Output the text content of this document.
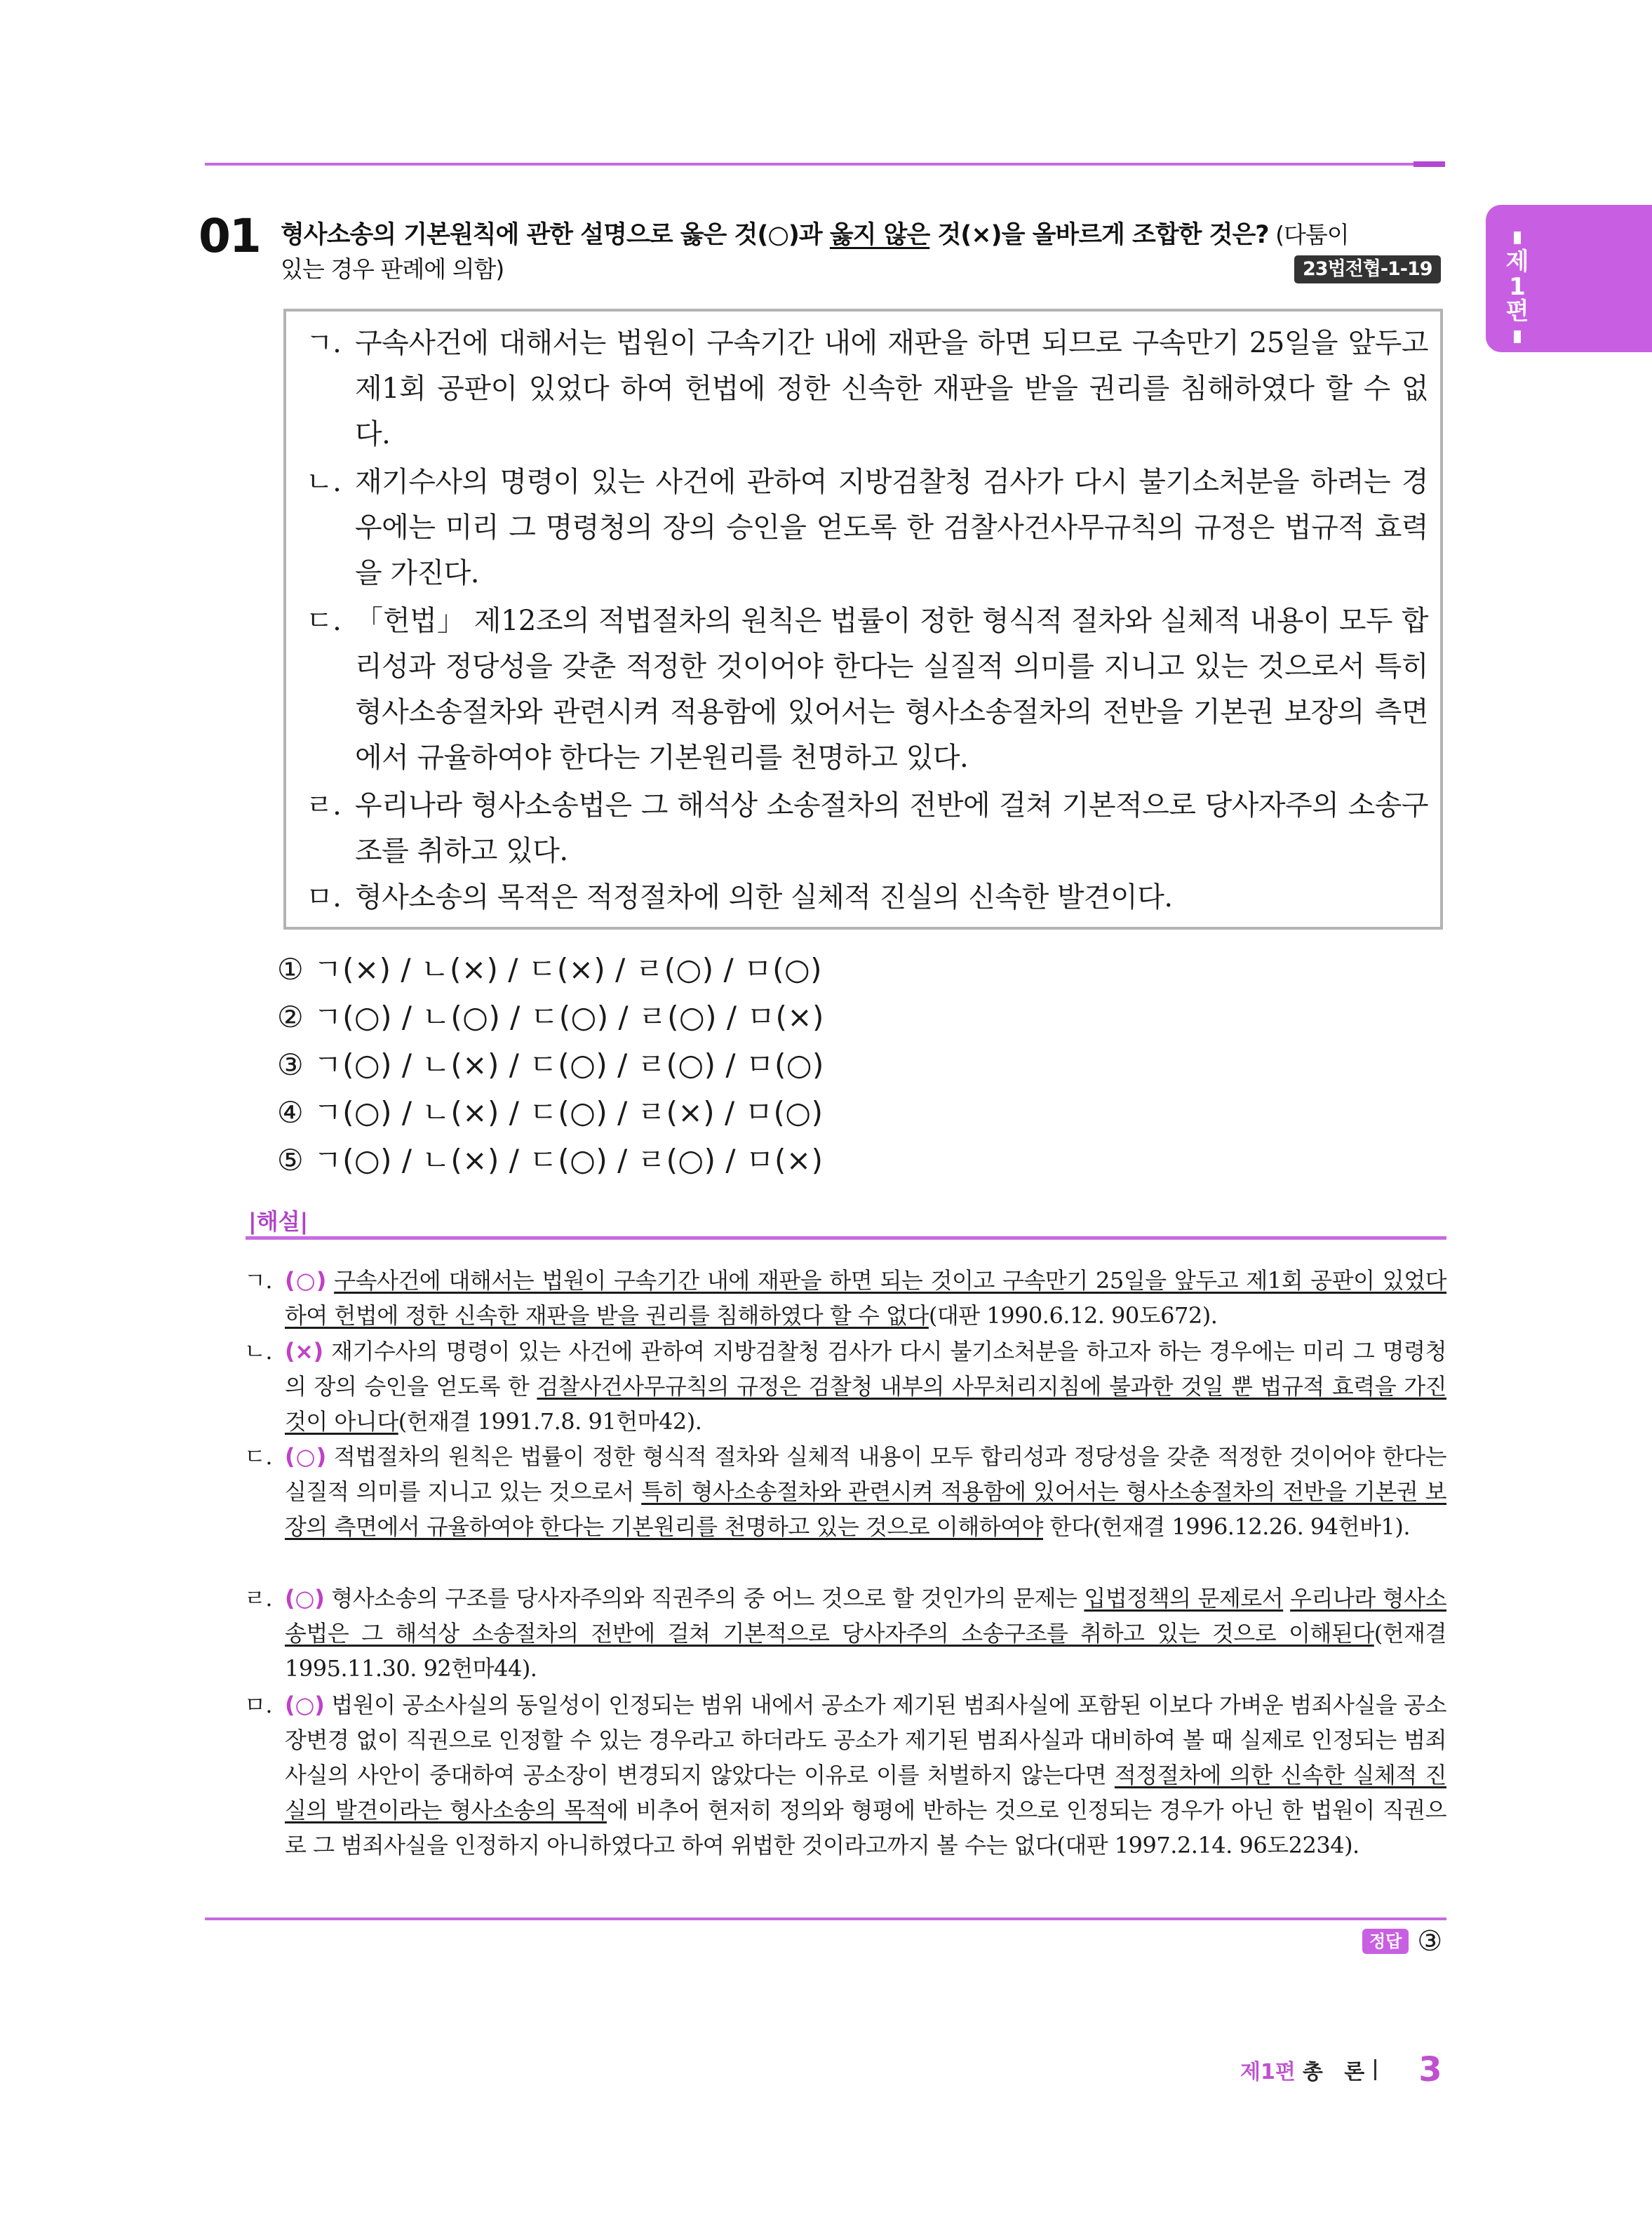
제
1
편
01 형사소송의 기본원칙에 관한 설명으로 옳은 것(○)과 옳지 않은 것(×)을 올바르게 조합한 것은? (다툼이
있는 경우 판례에 의함)	23법전협-1-19
ㄱ. 구속사건에 대해서는 법원이 구속기간 내에 재판을 하면 되므로 구속만기 25일을 앞두고 제1회 공판이 있었다 하여 헌법에 정한 신속한 재판을 받을 권리를 침해하였다 할 수 없다.
ㄴ. 재기수사의 명령이 있는 사건에 관하여 지방검찰청 검사가 다시 불기소처분을 하려는 경우에는 미리 그 명령청의 장의 승인을 얻도록 한 검찰사건사무규칙의 규정은 법규적 효력을 가진다.
ㄷ. 「헌법」 제12조의 적법절차의 원칙은 법률이 정한 형식적 절차와 실체적 내용이 모두 합리성과 정당성을 갖춘 적정한 것이어야 한다는 실질적 의미를 지니고 있는 것으로서 특히 형사소송절차와 관련시켜 적용함에 있어서는 형사소송절차의 전반을 기본권 보장의 측면에서 규율하여야 한다는 기본원리를 천명하고 있다.
ㄹ. 우리나라 형사소송법은 그 해석상 소송절차의 전반에 걸쳐 기본적으로 당사자주의 소송구조를 취하고 있다.
ㅁ. 형사소송의 목적은 적정절차에 의한 실체적 진실의 신속한 발견이다.
① ㄱ(×) / ㄴ(×) / ㄷ(×) / ㄹ(○) / ㅁ(○)
② ㄱ(○) / ㄴ(○) / ㄷ(○) / ㄹ(○) / ㅁ(×)
③ ㄱ(○) / ㄴ(×) / ㄷ(○) / ㄹ(○) / ㅁ(○)
④ ㄱ(○) / ㄴ(×) / ㄷ(○) / ㄹ(×) / ㅁ(○)
⑤ ㄱ(○) / ㄴ(×) / ㄷ(○) / ㄹ(○) / ㅁ(×)
|해설|
ㄱ. (○) 구속사건에 대해서는 법원이 구속기간 내에 재판을 하면 되는 것이고 구속만기 25일을 앞두고 제1회 공판이 있었다 하여 헌법에 정한 신속한 재판을 받을 권리를 침해하였다 할 수 없다(대판 1990.6.12. 90도672).
ㄴ. (×) 재기수사의 명령이 있는 사건에 관하여 지방검찰청 검사가 다시 불기소처분을 하고자 하는 경우에는 미리 그 명령청의 장의 승인을 얻도록 한 검찰사건사무규칙의 규정은 검찰청 내부의 사무처리지침에 불과한 것일 뿐 법규적 효력을 가진 것이 아니다(헌재결 1991.7.8. 91헌마42).
ㄷ. (○) 적법절차의 원칙은 법률이 정한 형식적 절차와 실체적 내용이 모두 합리성과 정당성을 갖춘 적정한 것이어야 한다는 실질적 의미를 지니고 있는 것으로서 특히 형사소송절차와 관련시켜 적용함에 있어서는 형사소송절차의 전반을 기본권 보장의 측면에서 규율하여야 한다는 기본원리를 천명하고 있는 것으로 이해하여야 한다(헌재결 1996.12.26. 94헌바1).
ㄹ. (○) 형사소송의 구조를 당사자주의와 직권주의 중 어느 것으로 할 것인가의 문제는 입법정책의 문제로서 우리나라 형사소송법은 그 해석상 소송절차의 전반에 걸쳐 기본적으로 당사자주의 소송구조를 취하고 있는 것으로 이해된다(헌재결 1995.11.30. 92헌마44).
ㅁ. (○) 법원이 공소사실의 동일성이 인정되는 범위 내에서 공소가 제기된 범죄사실에 포함된 이보다 가벼운 범죄사실을 공소장변경 없이 직권으로 인정할 수 있는 경우라고 하더라도 공소가 제기된 범죄사실과 대비하여 볼 때 실제로 인정되는 범죄사실의 사안이 중대하여 공소장이 변경되지 않았다는 이유로 이를 처벌하지 않는다면 적정절차에 의한 신속한 실체적 진실의 발견이라는 형사소송의 목적에 비추어 현저히 정의와 형평에 반하는 것으로 인정되는 경우가 아닌 한 법원이 직권으로 그 범죄사실을 인정하지 아니하였다고 하여 위법한 것이라고까지 볼 수는 없다(대판 1997.2.14. 96도2234).
정답 ③
제1편 총 론 3
